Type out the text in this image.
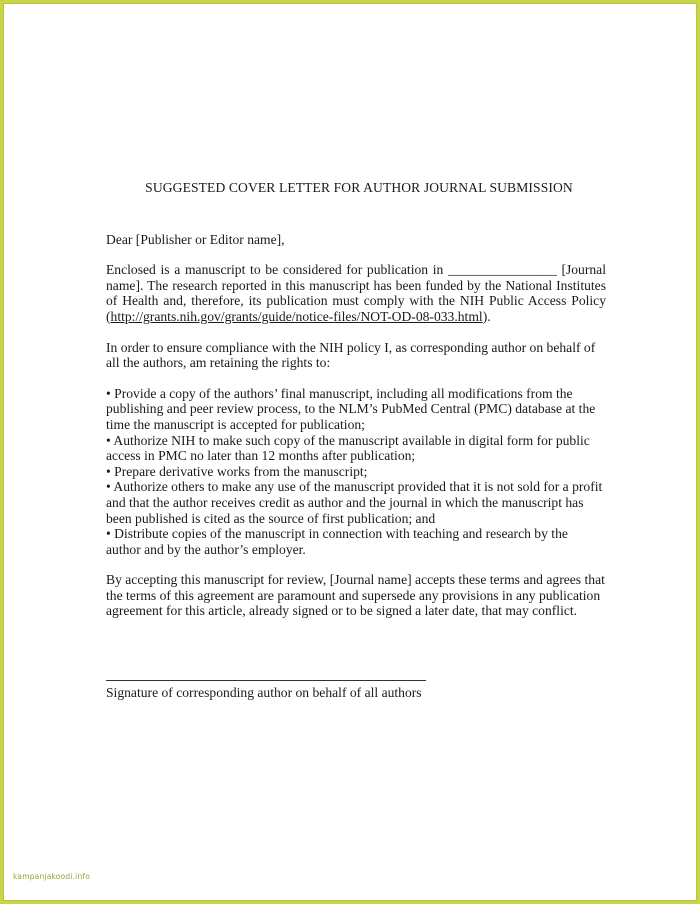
SUGGESTED COVER LETTER FOR AUTHOR JOURNAL SUBMISSION

Dear [Publisher or Editor name],

Enclosed is a manuscript to be considered for publication in ________________ [Journal name]. The research reported in this manuscript has been funded by the National Institutes of Health and, therefore, its publication must comply with the NIH Public Access Policy (http://grants.nih.gov/grants/guide/notice-files/NOT-OD-08-033.html).

In order to ensure compliance with the NIH policy I, as corresponding author on behalf of all the authors, am retaining the rights to:

• Provide a copy of the authors’ final manuscript, including all modifications from the publishing and peer review process, to the NLM’s PubMed Central (PMC) database at the time the manuscript is accepted for publication;

• Authorize NIH to make such copy of the manuscript available in digital form for public access in PMC no later than 12 months after publication;

• Prepare derivative works from the manuscript;

• Authorize others to make any use of the manuscript provided that it is not sold for a profit and that the author receives credit as author and the journal in which the manuscript has been published is cited as the source of first publication; and

• Distribute copies of the manuscript in connection with teaching and research by the author and by the author’s employer.

By accepting this manuscript for review, [Journal name] accepts these terms and agrees that the terms of this agreement are paramount and supersede any provisions in any publication agreement for this article, already signed or to be signed a later date, that may conflict.

Signature of corresponding author on behalf of all authors

kampanjakoodi.info
